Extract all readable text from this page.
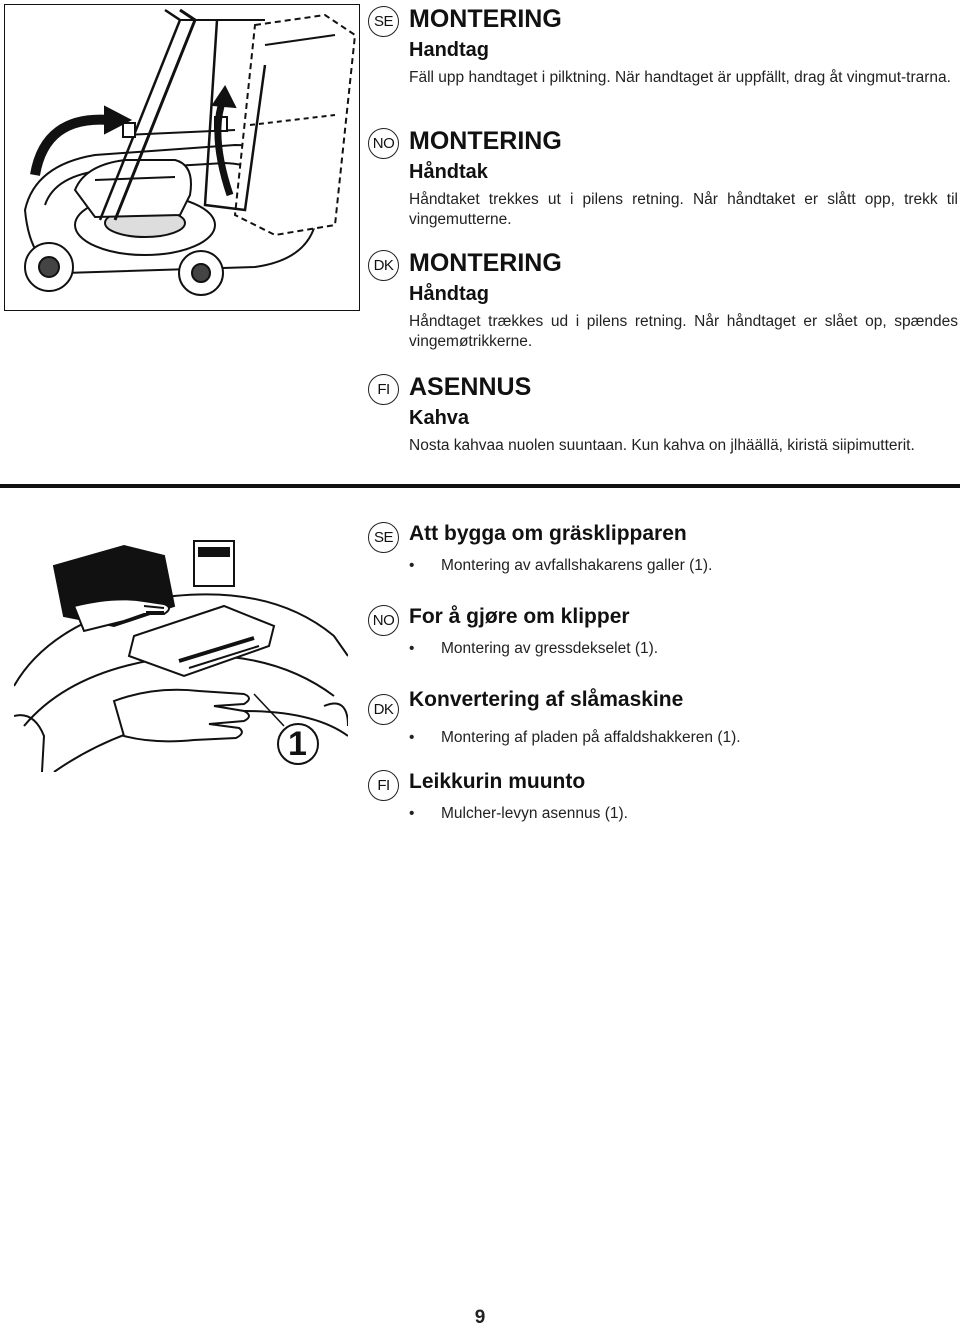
SE MONTERING
Handtag
Fäll upp handtaget i pilktning. När handtaget är uppfällt, drag åt vingmut-trarna.
NO MONTERING
Håndtak
Håndtaket trekkes ut i pilens retning. Når håndtaket er slått opp, trekk til vingemutterne.
DK MONTERING
Håndtag
Håndtaget trækkes ud i pilens retning. Når håndtaget er slået op, spændes vingemøtrikkerne.
FI ASENNUS
Kahva
Nosta kahvaa nuolen suuntaan. Kun kahva on jlhäällä, kiristä siipimutterit.
1
SE Att bygga om gräsklipparen
•	Montering av avfallshakarens galler (1).
NO For å gjøre om klipper
•	Montering av gressdekselet (1).
DK Konvertering af slåmaskine
•	Montering af pladen på affaldshakkeren (1).
FI Leikkurin muunto
•	Mulcher-levyn asennus (1).
9
